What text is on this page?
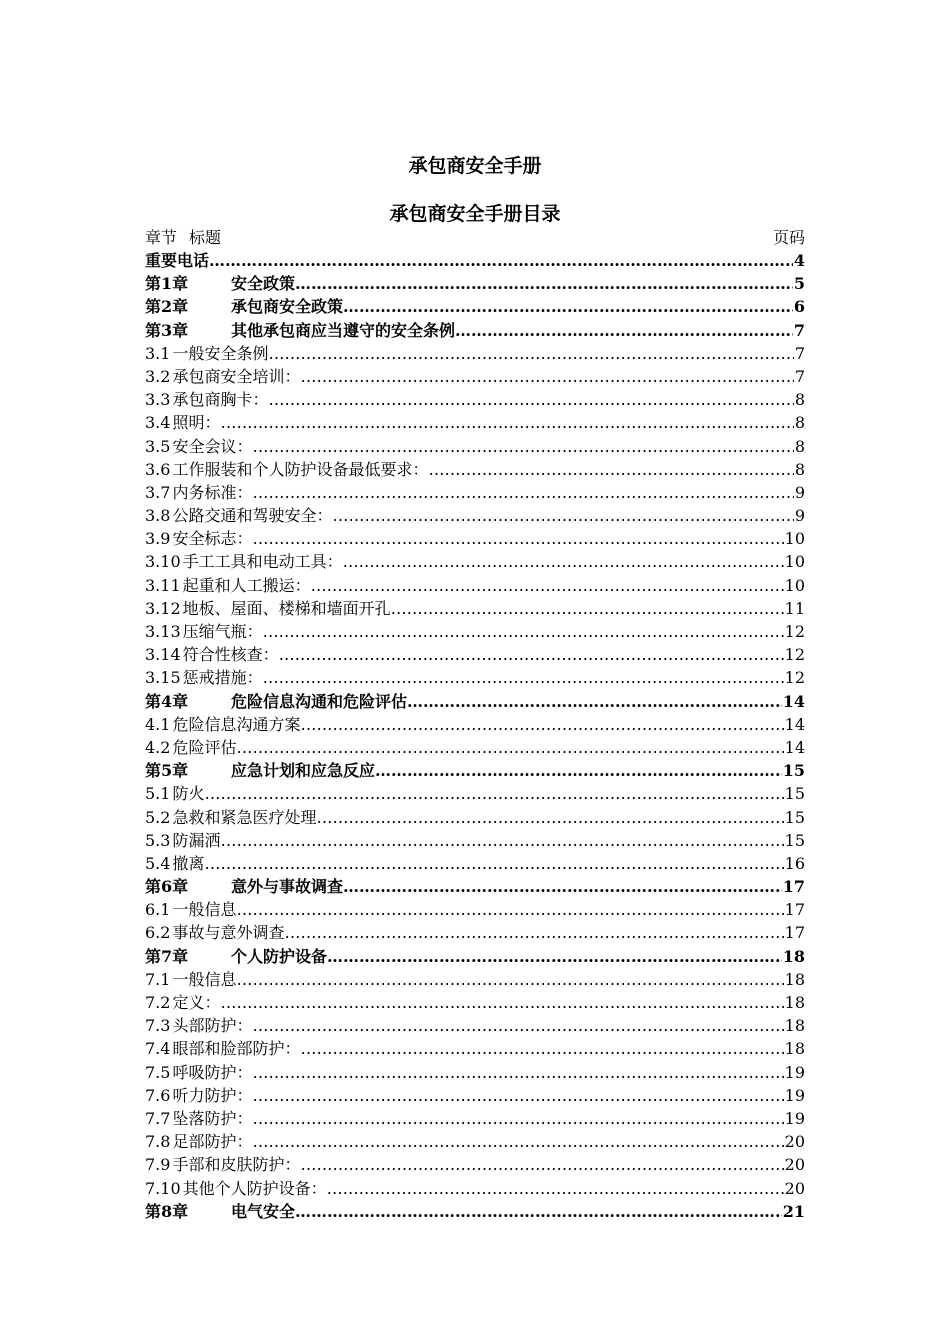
承包商安全手册
承包商安全手册目录
章节 标题	页码
重要电话 …………………………………………………………………………………………………………………………………………	4
第1章	安全政策 …………………………………………………………………………………………………………………………………………	5
第2章	承包商安全政策 …………………………………………………………………………………………………………………………………………	6
第3章	其他承包商应当遵守的安全条例 …………………………………………………………………………………………………………………………………………	7
3.1 一般安全条例 …………………………………………………………………………………………………………………………………………	7
3.2 承包商安全培训： …………………………………………………………………………………………………………………………………………	7
3.3 承包商胸卡： …………………………………………………………………………………………………………………………………………	8
3.4 照明： …………………………………………………………………………………………………………………………………………	8
3.5 安全会议： …………………………………………………………………………………………………………………………………………	8
3.6 工作服装和个人防护设备最低要求： …………………………………………………………………………………………………………………………………………	8
3.7 内务标准： …………………………………………………………………………………………………………………………………………	9
3.8 公路交通和驾驶安全： …………………………………………………………………………………………………………………………………………	9
3.9 安全标志： …………………………………………………………………………………………………………………………………………	10
3.10 手工工具和电动工具： …………………………………………………………………………………………………………………………………………	10
3.11 起重和人工搬运： …………………………………………………………………………………………………………………………………………	10
3.12 地板、屋面、楼梯和墙面开孔 …………………………………………………………………………………………………………………………………………	11
3.13 压缩气瓶： …………………………………………………………………………………………………………………………………………	12
3.14 符合性核查： …………………………………………………………………………………………………………………………………………	12
3.15 惩戒措施： …………………………………………………………………………………………………………………………………………	12
第4章	危险信息沟通和危险评估 …………………………………………………………………………………………………………………………………………	14
4.1 危险信息沟通方案 …………………………………………………………………………………………………………………………………………	14
4.2 危险评估 …………………………………………………………………………………………………………………………………………	14
第5章	应急计划和应急反应 …………………………………………………………………………………………………………………………………………	15
5.1 防火 …………………………………………………………………………………………………………………………………………	15
5.2 急救和紧急医疗处理 …………………………………………………………………………………………………………………………………………	15
5.3 防漏洒 …………………………………………………………………………………………………………………………………………	15
5.4 撤离 …………………………………………………………………………………………………………………………………………	16
第6章	意外与事故调查 …………………………………………………………………………………………………………………………………………	17
6.1 一般信息 …………………………………………………………………………………………………………………………………………	17
6.2 事故与意外调查 …………………………………………………………………………………………………………………………………………	17
第7章	个人防护设备 …………………………………………………………………………………………………………………………………………	18
7.1 一般信息 …………………………………………………………………………………………………………………………………………	18
7.2 定义： …………………………………………………………………………………………………………………………………………	18
7.3 头部防护： …………………………………………………………………………………………………………………………………………	18
7.4 眼部和脸部防护： …………………………………………………………………………………………………………………………………………	18
7.5 呼吸防护： …………………………………………………………………………………………………………………………………………	19
7.6 听力防护： …………………………………………………………………………………………………………………………………………	19
7.7 坠落防护： …………………………………………………………………………………………………………………………………………	19
7.8 足部防护： …………………………………………………………………………………………………………………………………………	20
7.9 手部和皮肤防护： …………………………………………………………………………………………………………………………………………	20
7.10 其他个人防护设备： …………………………………………………………………………………………………………………………………………	20
第8章	电气安全 …………………………………………………………………………………………………………………………………………	21
